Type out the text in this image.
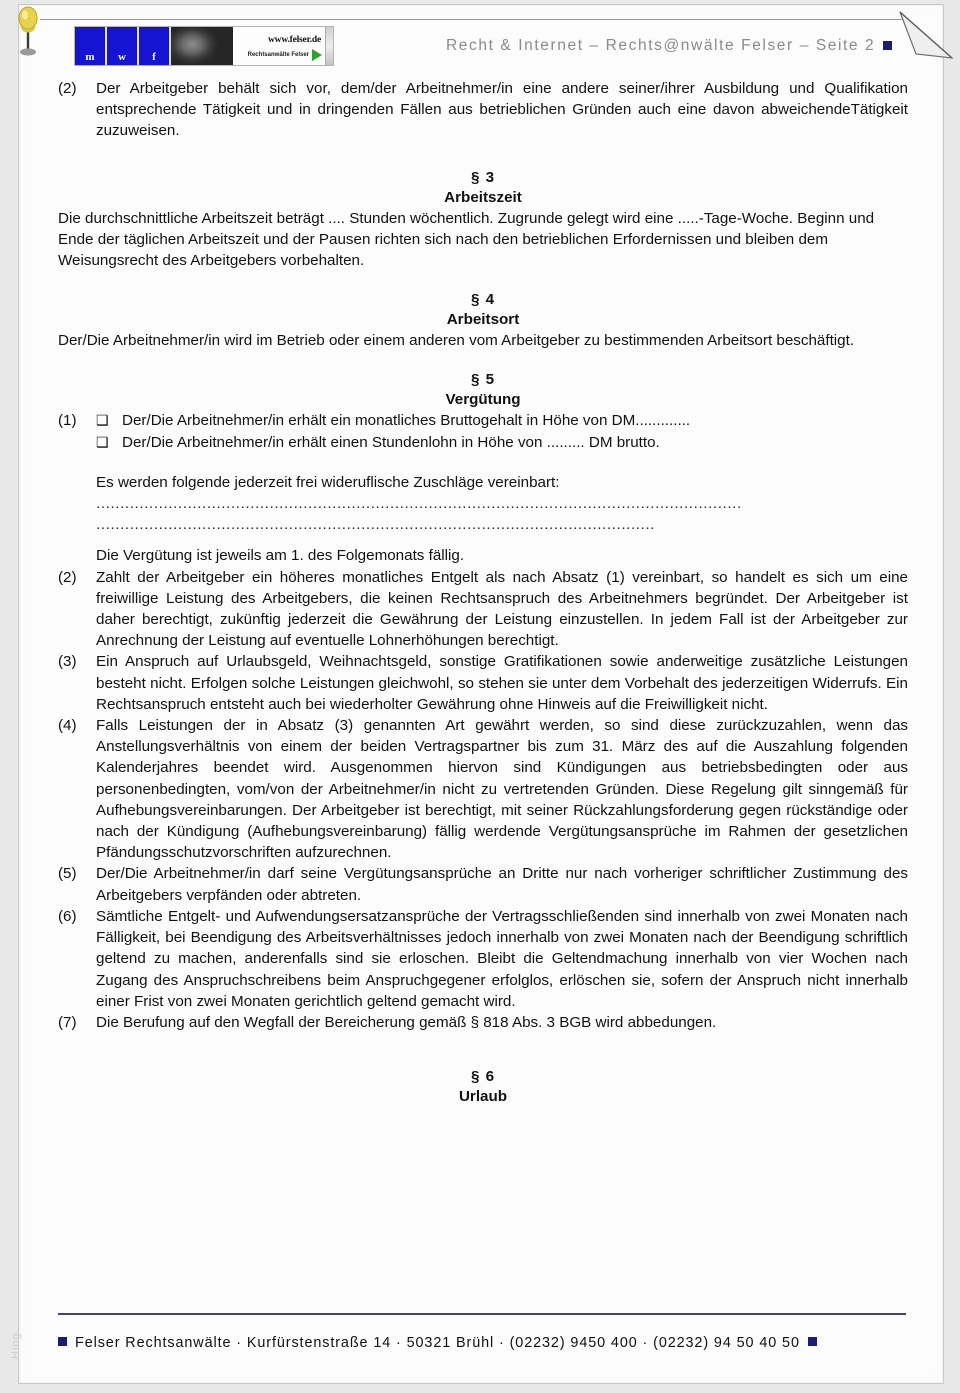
m	w	f
www.felser.de
Rechtsanwälte Felser
Recht & Internet – Rechts@nwälte Felser – Seite 2
(2)	Der Arbeitgeber behält sich vor, dem/der Arbeitnehmer/in eine andere seiner/ihrer Ausbildung und Qualifikation entsprechende Tätigkeit und in dringenden Fällen aus betrieblichen Gründen auch eine davon abweichendeTätigkeit zuzuweisen.
§ 3
Arbeitszeit
Die durchschnittliche Arbeitszeit beträgt .... Stunden wöchentlich. Zugrunde gelegt wird eine .....-Tage-Woche. Beginn und Ende der täglichen Arbeitszeit und der Pausen richten sich nach den betrieblichen Erfordernissen und bleiben dem Weisungsrecht des Arbeitgebers vorbehalten.
§ 4
Arbeitsort
Der/Die Arbeitnehmer/in wird im Betrieb oder einem anderen vom Arbeitgeber zu bestimmenden Arbeitsort beschäftigt.
§ 5
Vergütung
(1)	❑ Der/Die Arbeitnehmer/in erhält ein monatliches Bruttogehalt in Höhe von DM.............
❑ Der/Die Arbeitnehmer/in erhält einen Stundenlohn in Höhe von ......... DM brutto.
Es werden folgende jederzeit frei wideruflische Zuschläge vereinbart:
......................................................................................................................................
....................................................................................................................
Die Vergütung ist jeweils am 1. des Folgemonats fällig.
(2)	Zahlt der Arbeitgeber ein höheres monatliches Entgelt als nach Absatz (1) vereinbart, so handelt es sich um eine freiwillige Leistung des Arbeitgebers, die keinen Rechtsanspruch des Arbeitnehmers begründet. Der Arbeitgeber ist daher berechtigt, zukünftig jederzeit die Gewährung der Leistung einzustellen. In jedem Fall ist der Arbeitgeber zur Anrechnung der Leistung auf eventuelle Lohnerhöhungen berechtigt.
(3)	Ein Anspruch auf Urlaubsgeld, Weihnachtsgeld, sonstige Gratifikationen sowie anderweitige zusätzliche Leistungen besteht nicht. Erfolgen solche Leistungen gleichwohl, so stehen sie unter dem Vorbehalt des jederzeitigen Widerrufs. Ein Rechtsanspruch entsteht auch bei wiederholter Gewährung ohne Hinweis auf die Freiwilligkeit nicht.
(4)	Falls Leistungen der in Absatz (3) genannten Art gewährt werden, so sind diese zurückzuzahlen, wenn das Anstellungsverhältnis von einem der beiden Vertragspartner bis zum 31. März des auf die Auszahlung folgenden Kalenderjahres beendet wird. Ausgenommen hiervon sind Kündigungen aus betriebsbedingten oder aus personenbedingten, vom/von der Arbeitnehmer/in nicht zu vertretenden Gründen. Diese Regelung gilt sinngemäß für Aufhebungsvereinbarungen. Der Arbeitgeber ist berechtigt, mit seiner Rückzahlungsforderung gegen rückständige oder nach der Kündigung (Aufhebungsvereinbarung) fällig werdende Vergütungsansprüche im Rahmen der gesetzlichen Pfändungsschutzvorschriften aufzurechnen.
(5)	Der/Die Arbeitnehmer/in darf seine Vergütungsansprüche an Dritte nur nach vorheriger schriftlicher Zustimmung des Arbeitgebers verpfänden oder abtreten.
(6)	Sämtliche Entgelt- und Aufwendungsersatzansprüche der Vertragsschließenden sind innerhalb von zwei Monaten nach Fälligkeit, bei Beendigung des Arbeitsverhältnisses jedoch innerhalb von zwei Monaten nach der Beendigung schriftlich geltend zu machen, anderenfalls sind sie erloschen. Bleibt die Geltendmachung innerhalb von vier Wochen nach Zugang des Anspruchschreibens beim Anspruchgegener erfolglos, erlöschen sie, sofern der Anspruch nicht innerhalb einer Frist von zwei Monaten gerichtlich geltend gemacht wird.
(7)	Die Berufung auf den Wegfall der Bereicherung gemäß § 818 Abs. 3 BGB wird abbedungen.
§ 6
Urlaub
Felser Rechtsanwälte · Kurfürstenstraße 14 · 50321 Brühl · (02232) 9450 400 · (02232) 94 50 40 50
Hiog
